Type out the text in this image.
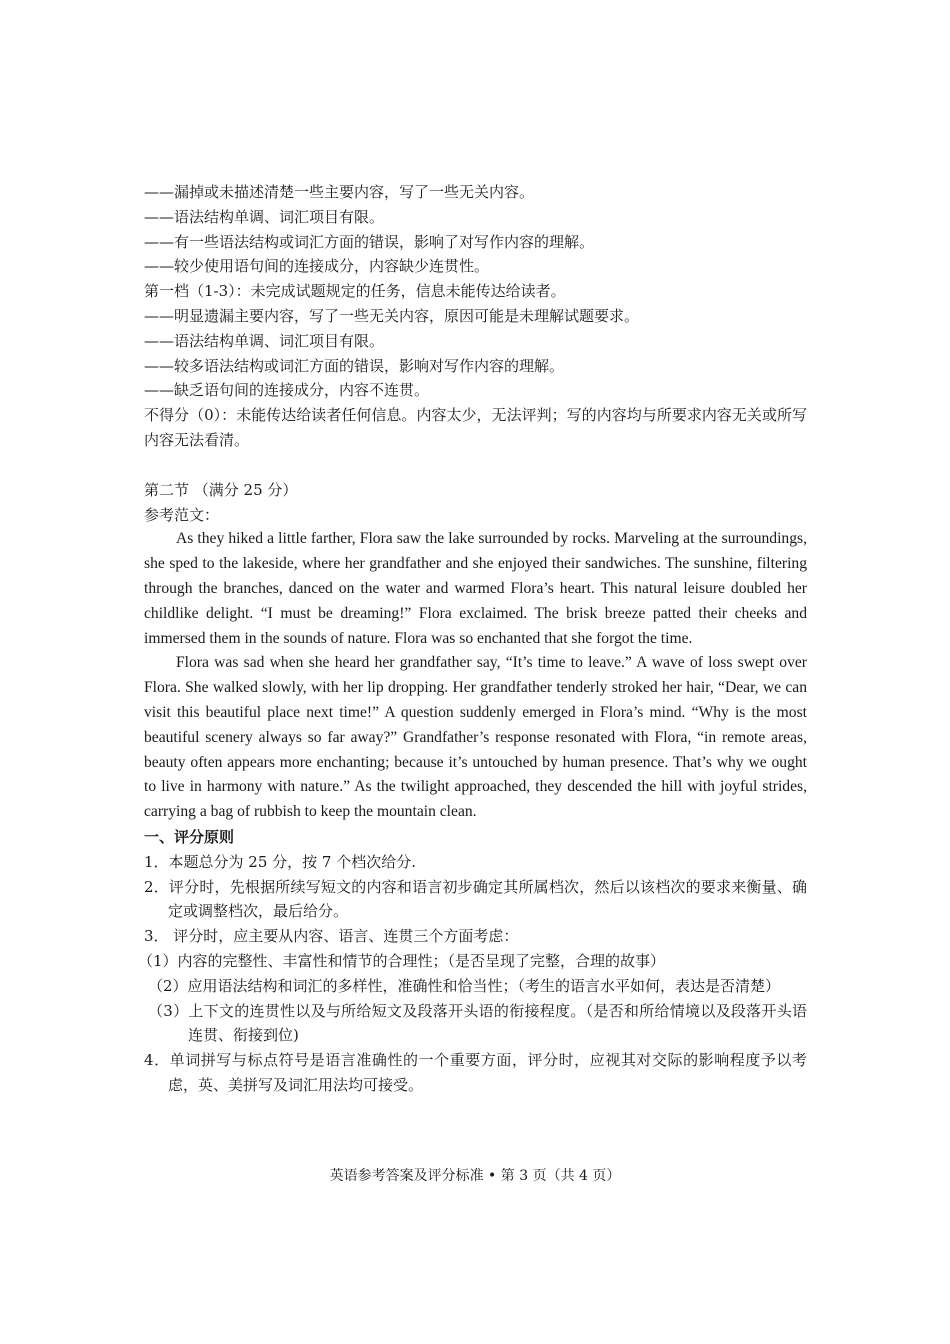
——漏掉或未描述清楚一些主要内容，写了一些无关内容。
——语法结构单调、词汇项目有限。
——有一些语法结构或词汇方面的错误，影响了对写作内容的理解。
——较少使用语句间的连接成分，内容缺少连贯性。
第一档（1-3）：未完成试题规定的任务，信息未能传达给读者。
——明显遗漏主要内容，写了一些无关内容，原因可能是未理解试题要求。
——语法结构单调、词汇项目有限。
——较多语法结构或词汇方面的错误，影响对写作内容的理解。
——缺乏语句间的连接成分，内容不连贯。
不得分（0）：未能传达给读者任何信息。内容太少，无法评判；写的内容均与所要求内容无关或所写内容无法看清。
第二节 （满分 25 分）
参考范文：
As they hiked a little farther, Flora saw the lake surrounded by rocks. Marveling at the surroundings, she sped to the lakeside, where her grandfather and she enjoyed their sandwiches. The sunshine, filtering through the branches, danced on the water and warmed Flora’s heart. This natural leisure doubled her childlike delight. “I must be dreaming!” Flora exclaimed. The brisk breeze patted their cheeks and immersed them in the sounds of nature. Flora was so enchanted that she forgot the time.
Flora was sad when she heard her grandfather say, “It’s time to leave.” A wave of loss swept over Flora. She walked slowly, with her lip dropping. Her grandfather tenderly stroked her hair, “Dear, we can visit this beautiful place next time!” A question suddenly emerged in Flora’s mind. “Why is the most beautiful scenery always so far away?” Grandfather’s response resonated with Flora, “in remote areas, beauty often appears more enchanting; because it’s untouched by human presence. That’s why we ought to live in harmony with nature.” As the twilight approached, they descended the hill with joyful strides, carrying a bag of rubbish to keep the mountain clean.
一、评分原则
1．本题总分为 25 分，按 7 个档次给分.
2．评分时，先根据所续写短文的内容和语言初步确定其所属档次，然后以该档次的要求来衡量、确定或调整档次，最后给分。
3． 评分时，应主要从内容、语言、连贯三个方面考虑：
（1）内容的完整性、丰富性和情节的合理性；（是否呈现了完整，合理的故事）
（2）应用语法结构和词汇的多样性，准确性和恰当性；（考生的语言水平如何，表达是否清楚）
（3）上下文的连贯性以及与所给短文及段落开头语的衔接程度。（是否和所给情境以及段落开头语连贯、衔接到位)
4．单词拼写与标点符号是语言准确性的一个重要方面，评分时，应视其对交际的影响程度予以考虑，英、美拼写及词汇用法均可接受。
英语参考答案及评分标准 • 第 3 页（共 4 页）
